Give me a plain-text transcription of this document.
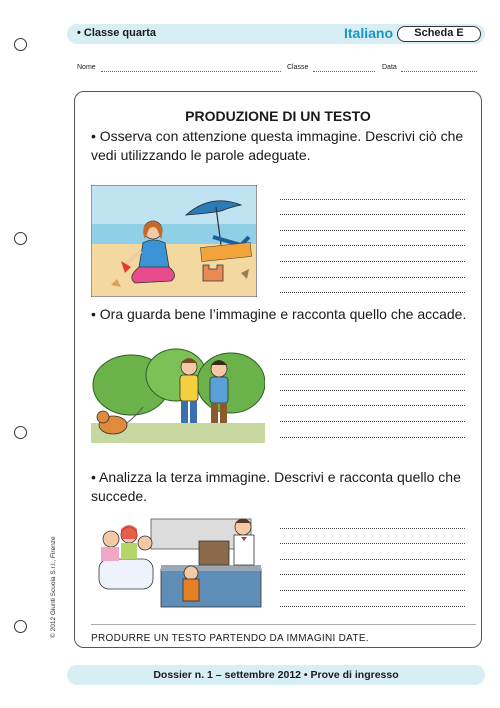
• Classe quarta	Italiano	Scheda E
Nome	Classe	Data
© 2012 Giunti Scuola S.r.l., Firenze
PRODUZIONE DI UN TESTO
• Osserva con attenzione questa immagine. Descrivi ciò che vedi utilizzando le parole adeguate.
• Ora guarda bene l’immagine e racconta quello che accade.
• Analizza la terza immagine. Descrivi e racconta quello che succede.
PRODURRE UN TESTO PARTENDO DA IMMAGINI DATE.
Dossier n. 1 – settembre 2012 • Prove di ingresso
